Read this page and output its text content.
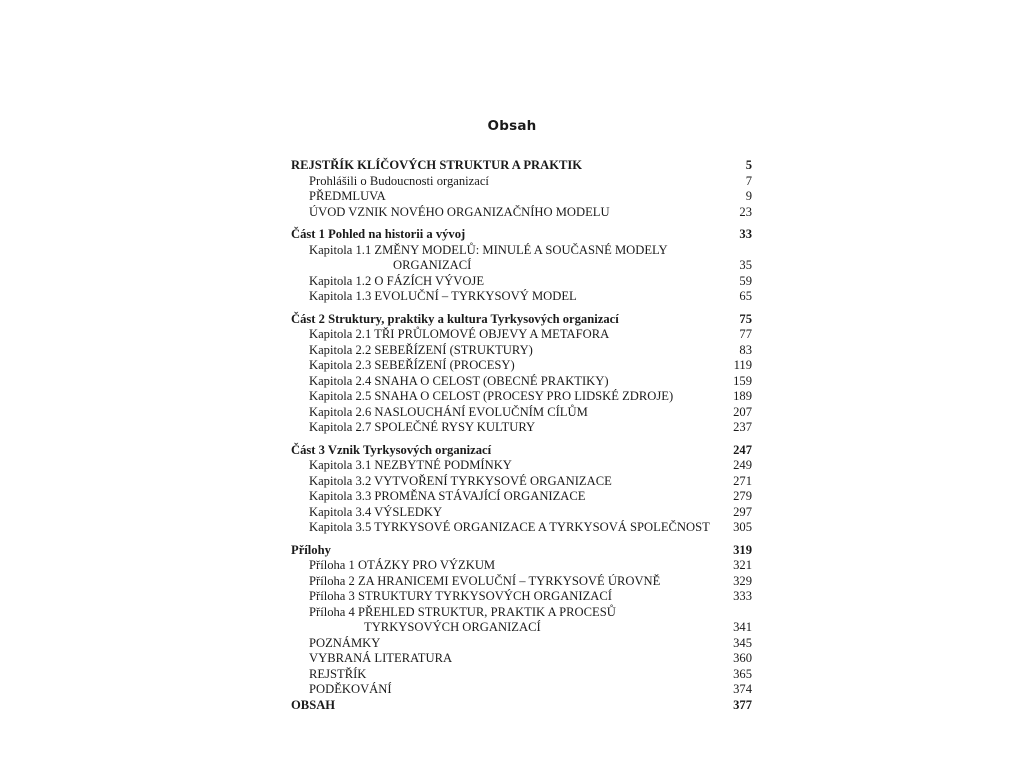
Obsah
REJSTŘÍK KLÍČOVÝCH STRUKTUR A PRAKTIK	5
Prohlášili o Budoucnosti organizací	7
PŘEDMLUVA	9
ÚVOD VZNIK NOVÉHO ORGANIZAČNÍHO MODELU	23
Část 1 Pohled na historii a vývoj	33
Kapitola 1.1 ZMĚNY MODELŮ: MINULÉ A SOUČASNÉ MODELY
ORGANIZACÍ	35
Kapitola 1.2 O FÁZÍCH VÝVOJE	59
Kapitola 1.3 EVOLUČNÍ – TYRKYSOVÝ MODEL	65
Část 2 Struktury, praktiky a kultura Tyrkysových organizací	75
Kapitola 2.1 TŘI PRŮLOMOVÉ OBJEVY A METAFORA	77
Kapitola 2.2 SEBEŘÍZENÍ (STRUKTURY)	83
Kapitola 2.3 SEBEŘÍZENÍ (PROCESY)	119
Kapitola 2.4 SNAHA O CELOST (OBECNÉ PRAKTIKY)	159
Kapitola 2.5 SNAHA O CELOST (PROCESY PRO LIDSKÉ ZDROJE)	189
Kapitola 2.6 NASLOUCHÁNÍ EVOLUČNÍM CÍLŮM	207
Kapitola 2.7 SPOLEČNÉ RYSY KULTURY	237
Část 3 Vznik Tyrkysových organizací	247
Kapitola 3.1 NEZBYTNÉ PODMÍNKY	249
Kapitola 3.2 VYTVOŘENÍ TYRKYSOVÉ ORGANIZACE	271
Kapitola 3.3 PROMĚNA STÁVAJÍCÍ ORGANIZACE	279
Kapitola 3.4 VÝSLEDKY	297
Kapitola 3.5 TYRKYSOVÉ ORGANIZACE A TYRKYSOVÁ SPOLEČNOST	305
Přílohy	319
Příloha 1 OTÁZKY PRO VÝZKUM	321
Příloha 2 ZA HRANICEMI EVOLUČNÍ – TYRKYSOVÉ ÚROVNĚ	329
Příloha 3 STRUKTURY TYRKYSOVÝCH ORGANIZACÍ	333
Příloha 4 PŘEHLED STRUKTUR, PRAKTIK A PROCESŮ
TYRKYSOVÝCH ORGANIZACÍ	341
POZNÁMKY	345
VYBRANÁ LITERATURA	360
REJSTŘÍK	365
PODĚKOVÁNÍ	374
OBSAH	377
